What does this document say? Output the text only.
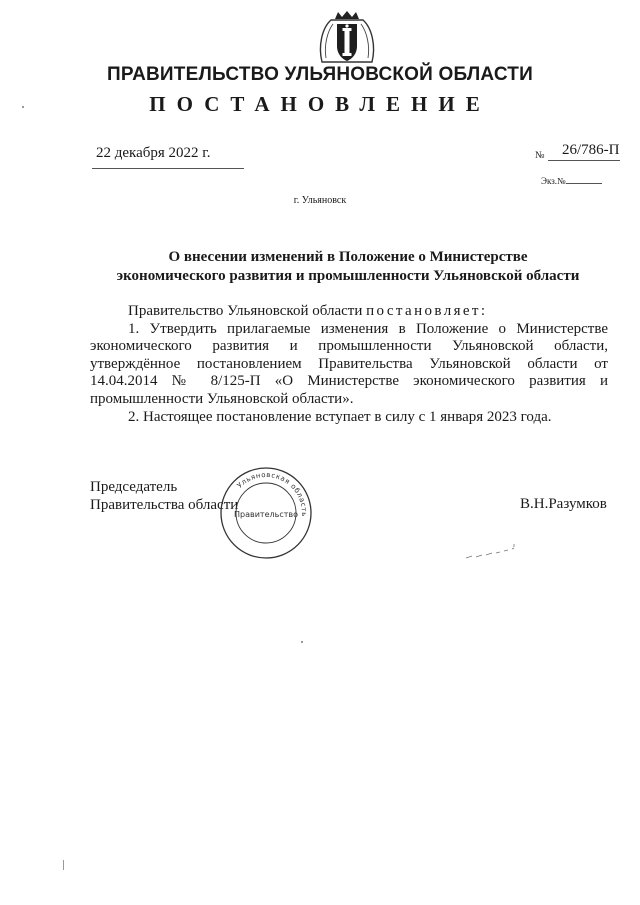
ПРАВИТЕЛЬСТВО УЛЬЯНОВСКОЙ ОБЛАСТИ
ПОСТАНОВЛЕНИЕ
22 декабря 2022 г.	№	26/786-П
Экз.№
г. Ульяновск
О внесении изменений в Положение о Министерстве
экономического развития и промышленности Ульяновской области

Правительство Ульяновской области постановляет:

1. Утвердить прилагаемые изменения в Положение о Министерстве экономического развития и промышленности Ульяновской области, утверждённое постановлением Правительства Ульяновской области от 14.04.2014 № 8/125-П «О Министерстве экономического развития и промышленности Ульяновской области».

2. Настоящее постановление вступает в силу с 1 января 2023 года.

Председатель
Правительства области	В.Н.Разумков
Ульяновская область
Правительство
